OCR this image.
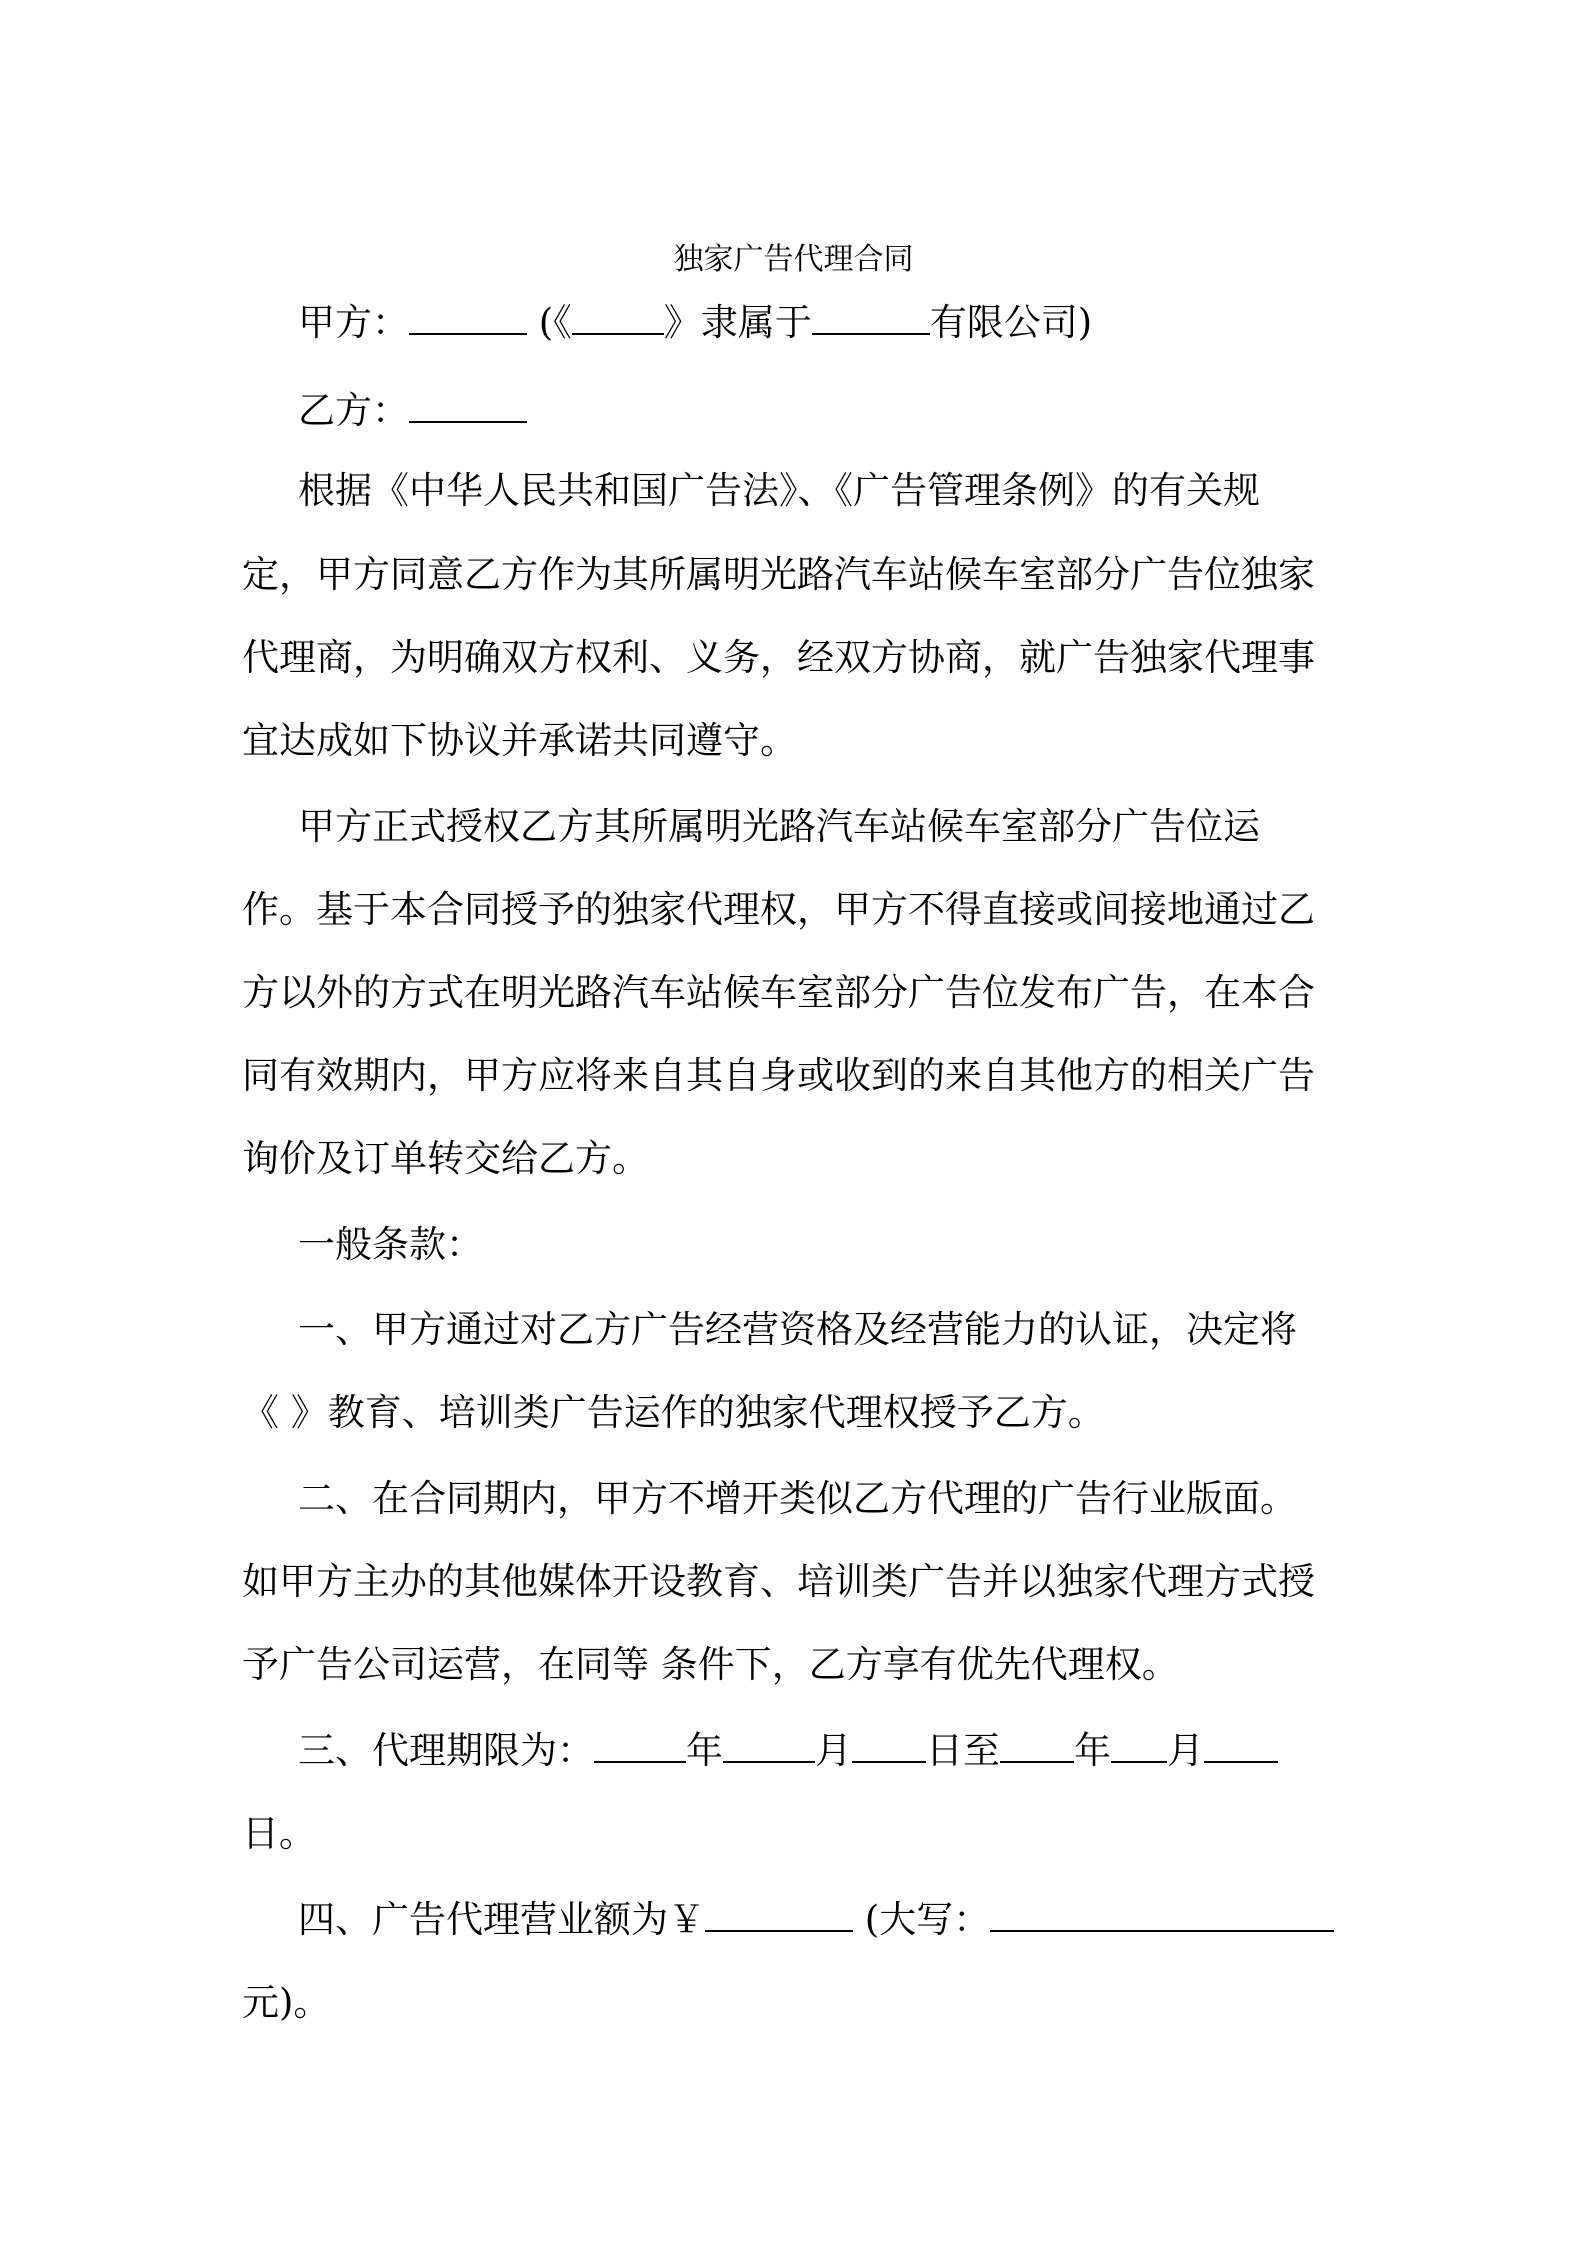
独家广告代理合同
甲方：	(《 》隶属于	有限公司)
乙方：
根据《中华人民共和国广告法》、《广告管理条例》的有关规
定，甲方同意乙方作为其所属明光路汽车站候车室部分广告位独家
代理商，为明确双方权利、义务，经双方协商，就广告独家代理事
宜达成如下协议并承诺共同遵守。
甲方正式授权乙方其所属明光路汽车站候车室部分广告位运
作。基于本合同授予的独家代理权，甲方不得直接或间接地通过乙
方以外的方式在明光路汽车站候车室部分广告位发布广告，在本合
同有效期内，甲方应将来自其自身或收到的来自其他方的相关广告
询价及订单转交给乙方。
一般条款：
一、甲方通过对乙方广告经营资格及经营能力的认证，决定将
《 》教育、培训类广告运作的独家代理权授予乙方。
二、在合同期内，甲方不增开类似乙方代理的广告行业版面。
如甲方主办的其他媒体开设教育、培训类广告并以独家代理方式授
予广告公司运营，在同等 条件下，乙方享有优先代理权。
三、代理期限为： 年 月 日至 年 月
日。
四、广告代理营业额为￥	(大写：
元)。
